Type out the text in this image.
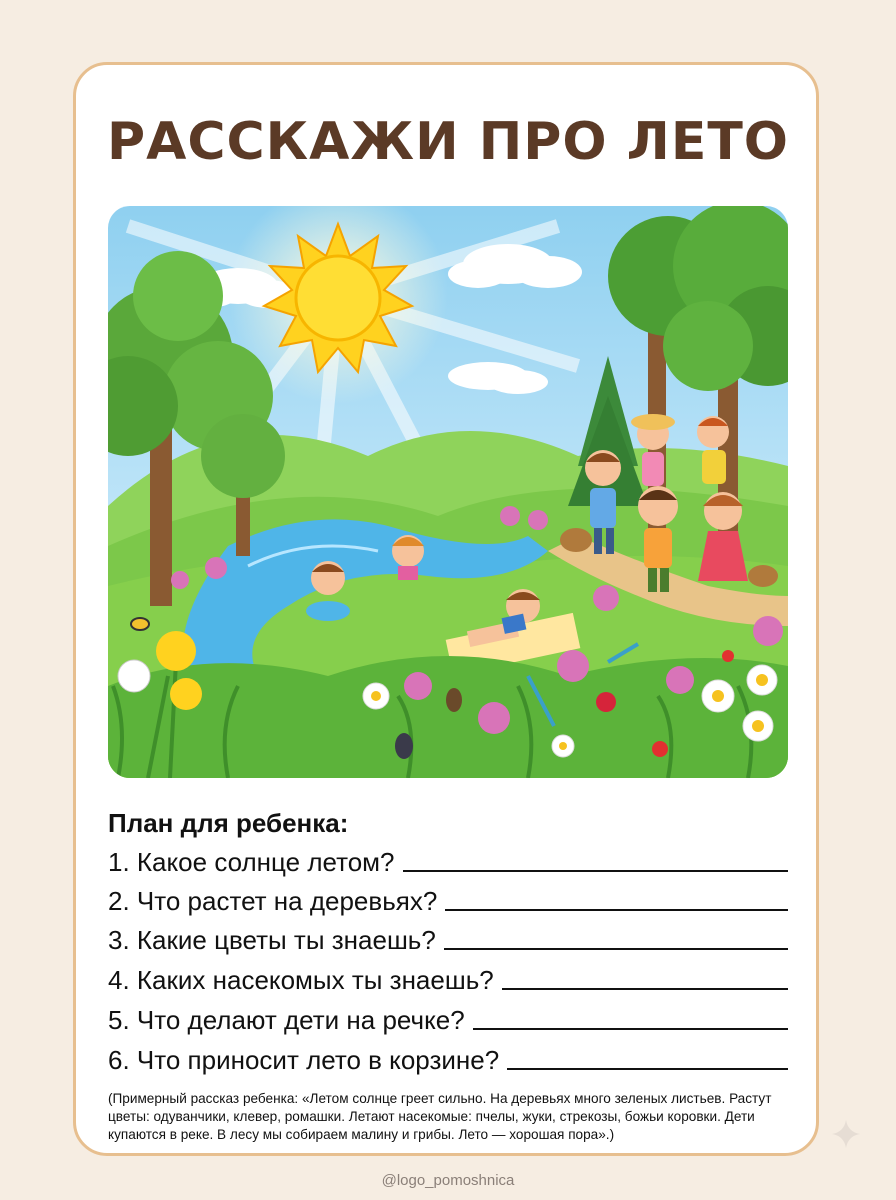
РАССКАЖИ ПРО ЛЕТО
План для ребенка:
1. Какое солнце летом?
2. Что растет на деревьях?
3. Какие цветы ты знаешь?
4. Каких насекомых ты знаешь?
5. Что делают дети на речке?
6. Что приносит лето в корзине?
(Примерный рассказ ребенка: «Летом солнце греет сильно. На деревьях много зеленых листьев. Растут цветы: одуванчики, клевер, ромашки. Летают насекомые: пчелы, жуки, стрекозы, божьи коровки. Дети купаются в реке. В лесу мы собираем малину и грибы. Лето — хорошая пора».)
@logo_pomoshnica
